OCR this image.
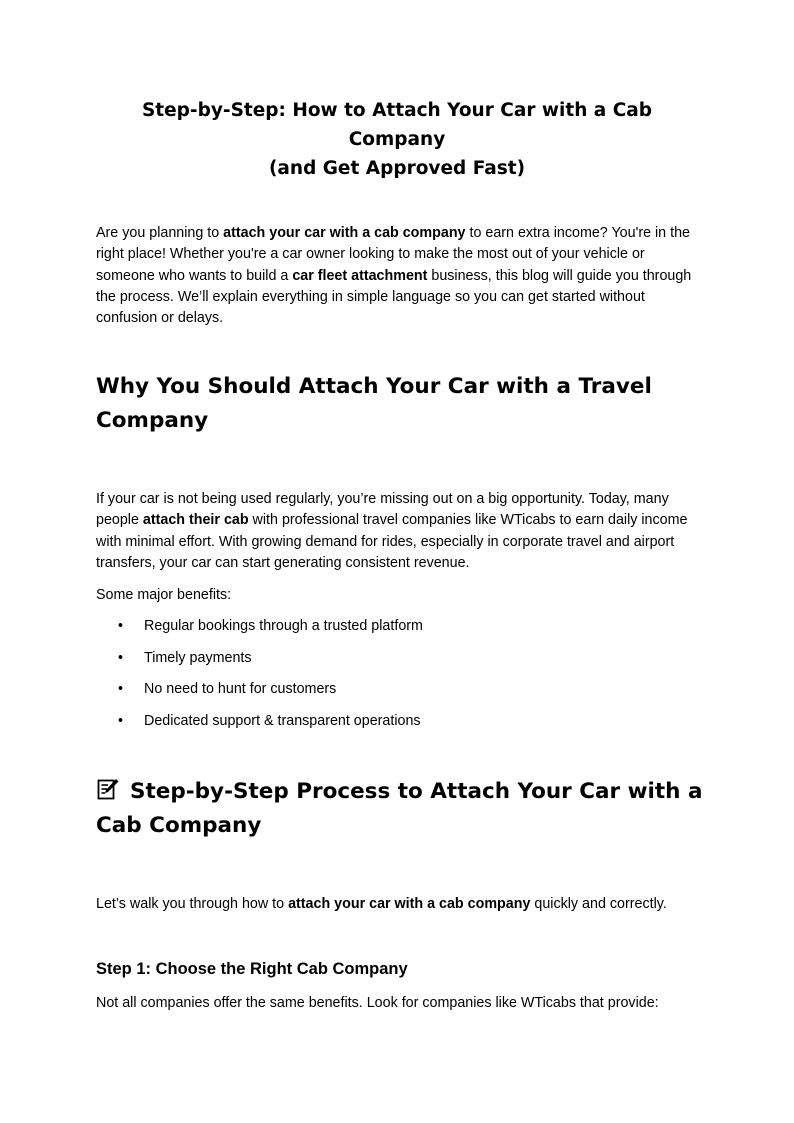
Step-by-Step: How to Attach Your Car with a Cab Company
(and Get Approved Fast)

Are you planning to attach your car with a cab company to earn extra income? You're in the right place! Whether you're a car owner looking to make the most out of your vehicle or someone who wants to build a car fleet attachment business, this blog will guide you through the process. We’ll explain everything in simple language so you can get started without confusion or delays.

Why You Should Attach Your Car with a Travel Company

If your car is not being used regularly, you’re missing out on a big opportunity. Today, many people attach their cab with professional travel companies like WTicabs to earn daily income with minimal effort. With growing demand for rides, especially in corporate travel and airport transfers, your car can start generating consistent revenue.

Some major benefits:

• Regular bookings through a trusted platform
• Timely payments
• No need to hunt for customers
• Dedicated support & transparent operations
Step-by-Step Process to Attach Your Car with a Cab Company

Let’s walk you through how to attach your car with a cab company quickly and correctly.

Step 1: Choose the Right Cab Company

Not all companies offer the same benefits. Look for companies like WTicabs that provide:
